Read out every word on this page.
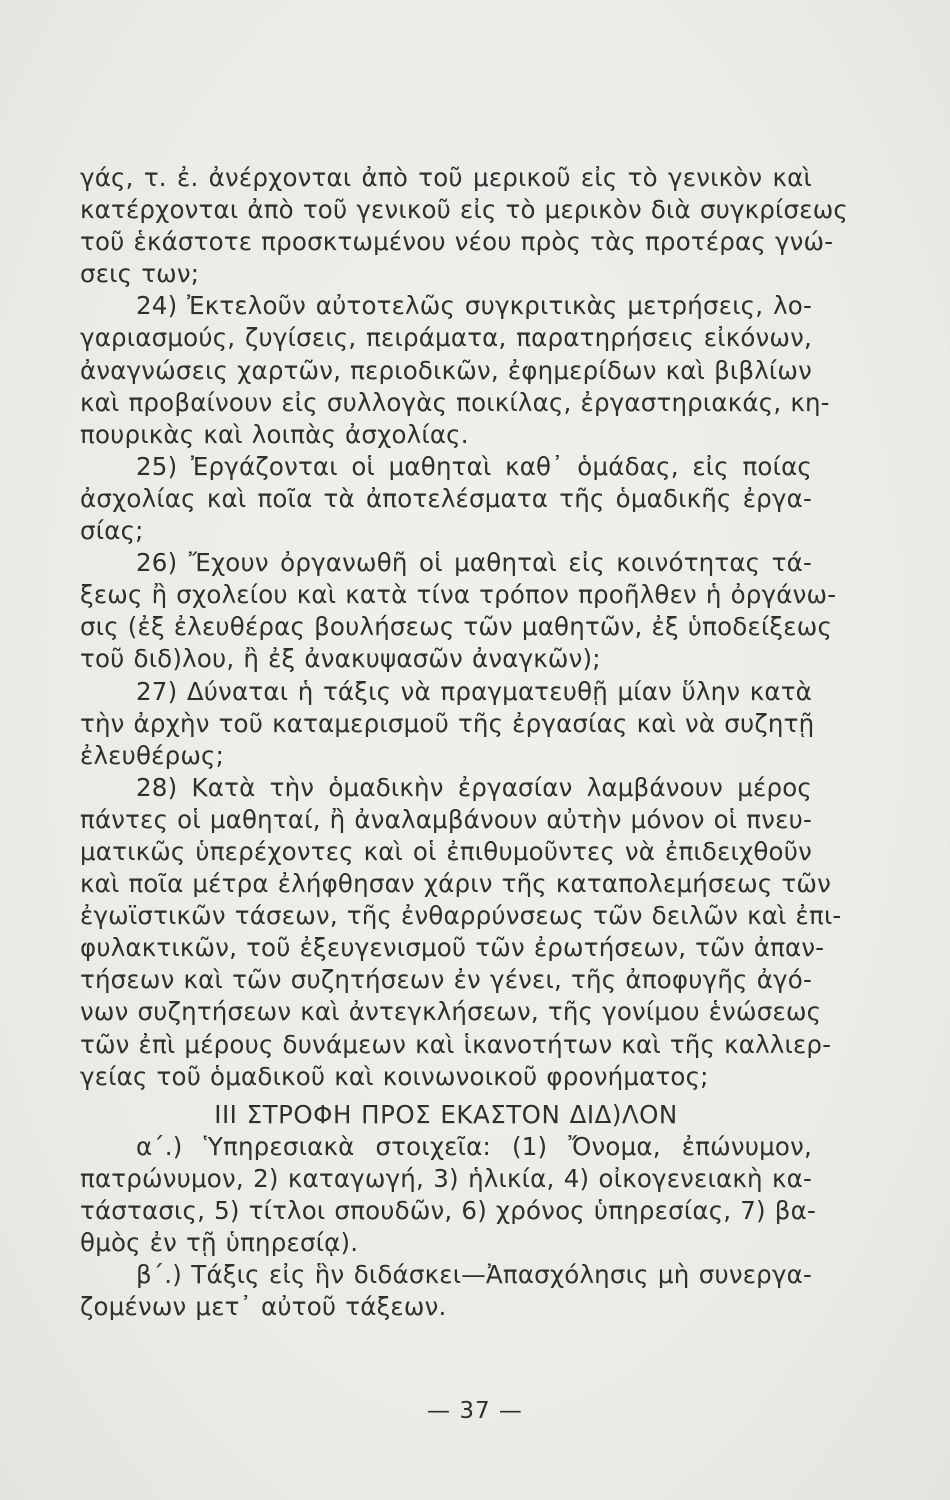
γάς, τ. ἐ. ἀνέρχονται ἀπὸ τοῦ μερικοῦ εἰς τὸ γενικὸν καὶ
κατέρχονται ἀπὸ τοῦ γενικοῦ εἰς τὸ μερικὸν διὰ συγκρίσεως
τοῦ ἑκάστοτε προσκτωμένου νέου πρὸς τὰς προτέρας γνώ-
σεις των;
24) Ἐκτελοῦν αὐτοτελῶς συγκριτικὰς μετρήσεις, λο-
γαριασμούς, ζυγίσεις, πειράματα, παρατηρήσεις εἰκόνων,
ἀναγνώσεις χαρτῶν, περιοδικῶν, ἐφημερίδων καὶ βιβλίων
καὶ προβαίνουν εἰς συλλογὰς ποικίλας, ἐργαστηριακάς, κη-
πουρικὰς καὶ λοιπὰς ἀσχολίας.
25) Ἐργάζονται οἱ μαθηταὶ καθ᾽ ὁμάδας, εἰς ποίας
ἀσχολίας καὶ ποῖα τὰ ἀποτελέσματα τῆς ὁμαδικῆς ἐργα-
σίας;
26) Ἔχουν ὀργανωθῆ οἱ μαθηταὶ εἰς κοινότητας τά-
ξεως ἢ σχολείου καὶ κατὰ τίνα τρόπον προῆλθεν ἡ ὀργάνω-
σις (ἐξ ἐλευθέρας βουλήσεως τῶν μαθητῶν, ἐξ ὑποδείξεως
τοῦ διδ)λου, ἢ ἐξ ἀνακυψασῶν ἀναγκῶν);
27) Δύναται ἡ τάξις νὰ πραγματευθῇ μίαν ὕλην κατὰ
τὴν ἀρχὴν τοῦ καταμερισμοῦ τῆς ἐργασίας καὶ νὰ συζητῇ
ἐλευθέρως;
28) Κατὰ τὴν ὁμαδικὴν ἐργασίαν λαμβάνουν μέρος
πάντες οἱ μαθηταί, ἢ ἀναλαμβάνουν αὐτὴν μόνον οἱ πνευ-
ματικῶς ὑπερέχοντες καὶ οἱ ἐπιθυμοῦντες νὰ ἐπιδειχθοῦν
καὶ ποῖα μέτρα ἐλήφθησαν χάριν τῆς καταπολεμήσεως τῶν
ἐγωϊστικῶν τάσεων, τῆς ἐνθαρρύνσεως τῶν δειλῶν καὶ ἐπι-
φυλακτικῶν, τοῦ ἐξευγενισμοῦ τῶν ἐρωτήσεων, τῶν ἀπαν-
τήσεων καὶ τῶν συζητήσεων ἐν γένει, τῆς ἀποφυγῆς ἀγό-
νων συζητήσεων καὶ ἀντεγκλήσεων, τῆς γονίμου ἑνώσεως
τῶν ἐπὶ μέρους δυνάμεων καὶ ἱκανοτήτων καὶ τῆς καλλιερ-
γείας τοῦ ὁμαδικοῦ καὶ κοινωνοικοῦ φρονήματος;
III ΣΤΡΟΦΗ ΠΡΟΣ ΕΚΑΣΤΟΝ ΔΙΔ)ΛΟΝ
α΄.) Ὑπηρεσιακὰ στοιχεῖα: (1) Ὄνομα, ἐπώνυμον,
πατρώνυμον, 2) καταγωγή, 3) ἡλικία, 4) οἰκογενειακὴ κα-
τάστασις, 5) τίτλοι σπουδῶν, 6) χρόνος ὑπηρεσίας, 7) βα-
θμὸς ἐν τῇ ὑπηρεσίᾳ).
β΄.) Τάξις εἰς ἣν διδάσκει—Ἀπασχόλησις μὴ συνεργα-
ζομένων μετ᾽ αὐτοῦ τάξεων.
— 37 —
